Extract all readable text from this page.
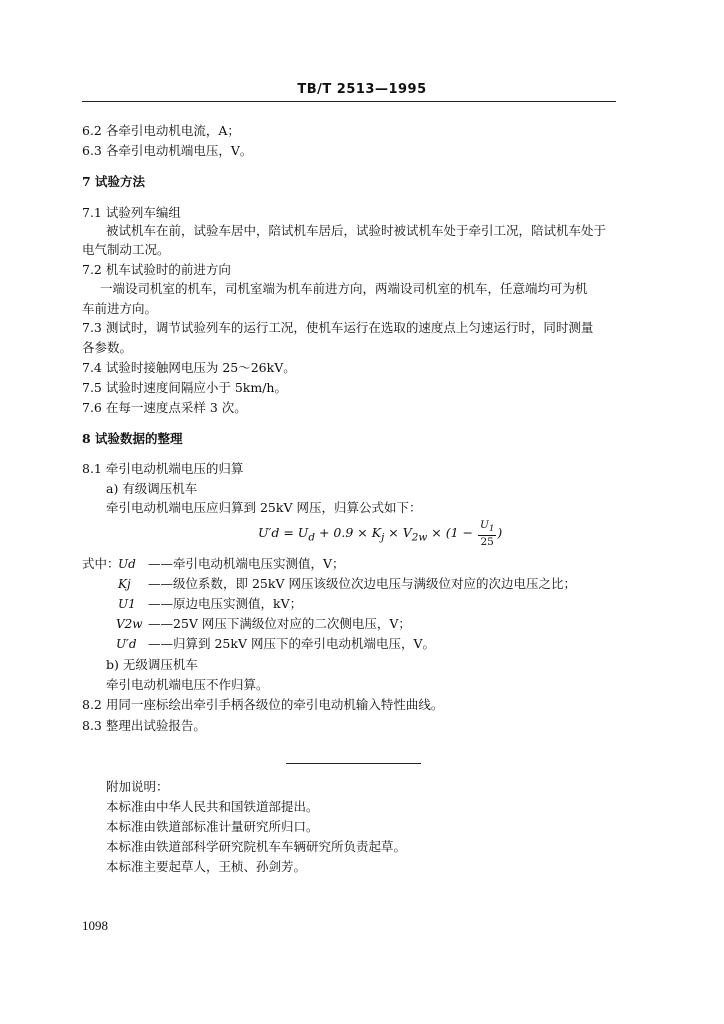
TB/T 2513—1995
6.2 各牵引电动机电流，A；
6.3 各牵引电动机端电压，V。
7 试验方法
7.1 试验列车编组
被试机车在前，试验车居中，陪试机车居后，试验时被试机车处于牵引工况，陪试机车处于
电气制动工况。
7.2 机车试验时的前进方向
一端设司机室的机车，司机室端为机车前进方向，两端设司机室的机车，任意端均可为机
车前进方向。
7.3 测试时，调节试验列车的运行工况，使机车运行在选取的速度点上匀速运行时，同时测量
各参数。
7.4 试验时接触网电压为 25～26kV。
7.5 试验时速度间隔应小于 5km/h。
7.6 在每一速度点采样 3 次。
8 试验数据的整理
8.1 牵引电动机端电压的归算
a) 有级调压机车
牵引电动机端电压应归算到 25kV 网压，归算公式如下：
$U'd = U_d + 0.9 \times K_j \times V_{2w} \times (1 - \frac{U_1}{25}$ )
式中：
Ud ——牵引电动机端电压实测值，V；
Kj ——级位系数，即 25kV 网压该级位次边电压与满级位对应的次边电压之比；
U1 ——原边电压实测值，kV；
V2w ——25V 网压下满级位对应的二次侧电压，V；
U′d ——归算到 25kV 网压下的牵引电动机端电压，V。
b) 无级调压机车
牵引电动机端电压不作归算。
8.2 用同一座标绘出牵引手柄各级位的牵引电动机输入特性曲线。
8.3 整理出试验报告。
附加说明：
本标准由中华人民共和国铁道部提出。
本标准由铁道部标准计量研究所归口。
本标准由铁道部科学研究院机车车辆研究所负责起草。
本标准主要起草人，王桢、孙剑芳。
1098
